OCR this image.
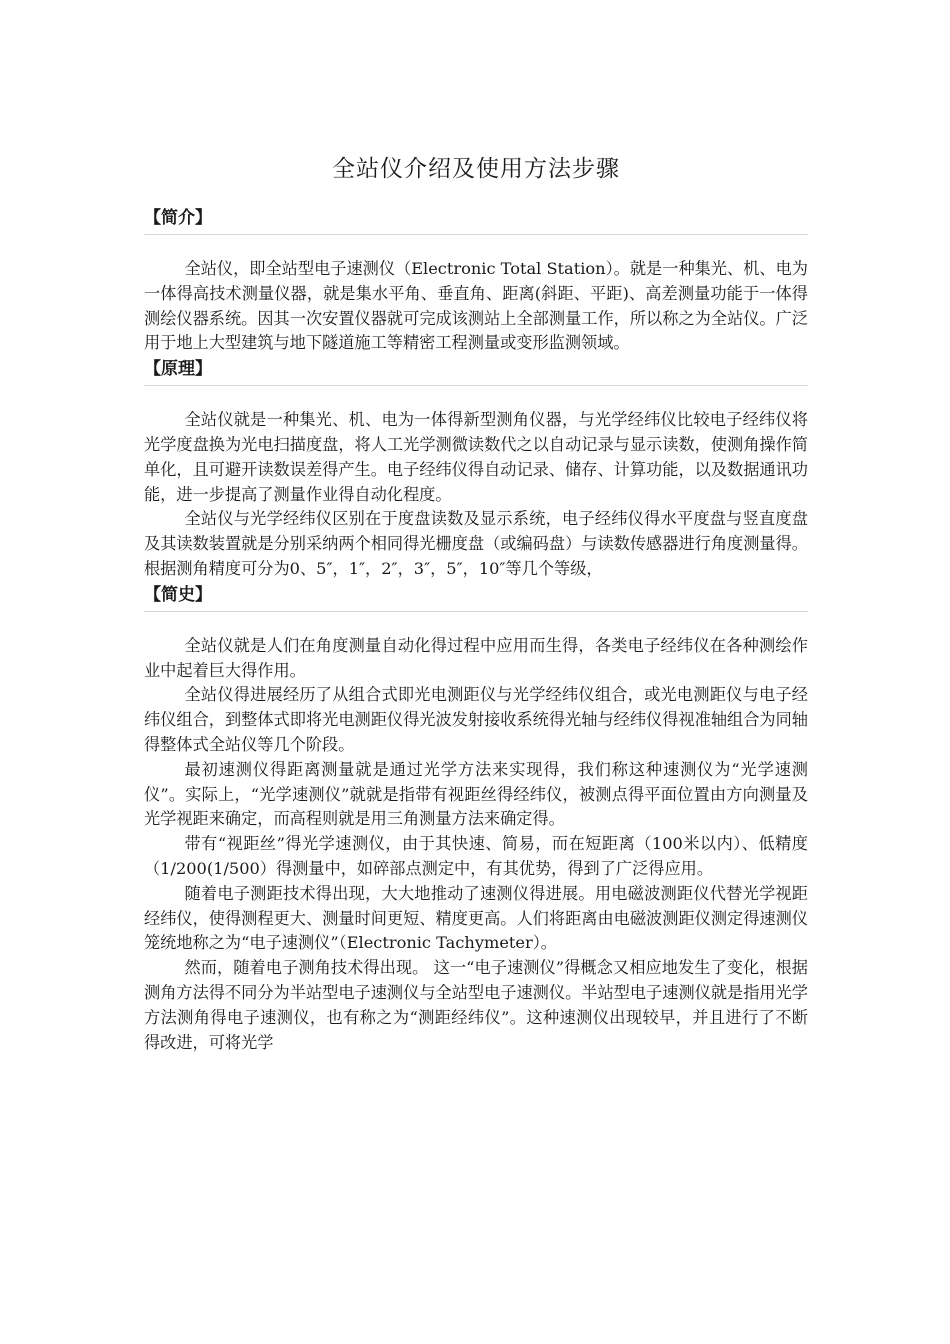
全站仪介绍及使用方法步骤
【简介】

全站仪，即全站型电子速测仪（Electronic Total Station）。就是一种集光、机、电为一体得高技术测量仪器，就是集水平角、垂直角、距离(斜距、平距)、高差测量功能于一体得测绘仪器系统。因其一次安置仪器就可完成该测站上全部测量工作，所以称之为全站仪。广泛用于地上大型建筑与地下隧道施工等精密工程测量或变形监测领域。

【原理】

全站仪就是一种集光、机、电为一体得新型测角仪器，与光学经纬仪比较电子经纬仪将光学度盘换为光电扫描度盘，将人工光学测微读数代之以自动记录与显示读数，使测角操作简单化，且可避开读数误差得产生。电子经纬仪得自动记录、储存、计算功能，以及数据通讯功能，进一步提高了测量作业得自动化程度。

全站仪与光学经纬仪区别在于度盘读数及显示系统，电子经纬仪得水平度盘与竖直度盘及其读数装置就是分别采纳两个相同得光栅度盘（或编码盘）与读数传感器进行角度测量得。 根据测角精度可分为0、5″，1″，2″，3″，5″，10″等几个等级，

【简史】

全站仪就是人们在角度测量自动化得过程中应用而生得，各类电子经纬仪在各种测绘作业中起着巨大得作用。

全站仪得进展经历了从组合式即光电测距仪与光学经纬仪组合，或光电测距仪与电子经纬仪组合，到整体式即将光电测距仪得光波发射接收系统得光轴与经纬仪得视准轴组合为同轴得整体式全站仪等几个阶段。

最初速测仪得距离测量就是通过光学方法来实现得，我们称这种速测仪为“光学速测仪”。实际上，“光学速测仪”就就是指带有视距丝得经纬仪，被测点得平面位置由方向测量及光学视距来确定，而高程则就是用三角测量方法来确定得。

带有“视距丝”得光学速测仪，由于其快速、简易，而在短距离（100米以内）、低精度 （1/200(1/500）得测量中，如碎部点测定中，有其优势，得到了广泛得应用。

随着电子测距技术得出现，大大地推动了速测仪得进展。用电磁波测距仪代替光学视距经纬仪，使得测程更大、测量时间更短、精度更高。人们将距离由电磁波测距仪测定得速测仪笼统地称之为“电子速测仪”（Electronic Tachymeter）。

然而，随着电子测角技术得出现。 这一“电子速测仪”得概念又相应地发生了变化，根据测角方法得不同分为半站型电子速测仪与全站型电子速测仪。半站型电子速测仪就是指用光学方法测角得电子速测仪，也有称之为“测距经纬仪”。这种速测仪出现较早，并且进行了不断得改进，可将光学
